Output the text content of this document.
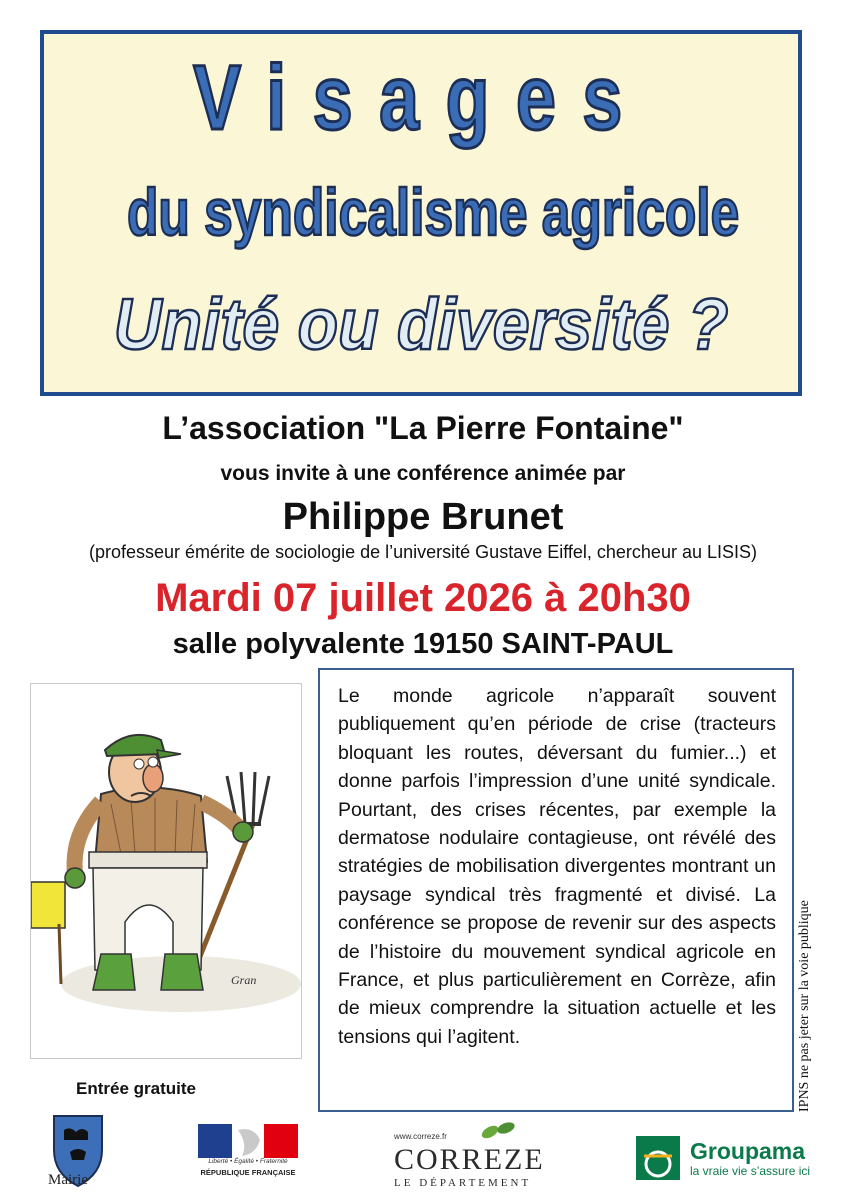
Visages
du syndicalisme agricole
Unité ou diversité ?
L’association "La Pierre Fontaine"
vous invite à une conférence animée par
Philippe Brunet
(professeur émérite de sociologie de l’université Gustave Eiffel, chercheur au LISIS)
Mardi 07 juillet 2026 à 20h30
salle polyvalente 19150 SAINT-PAUL
Gran

Le monde agricole n’apparaît souvent publiquement qu’en période de crise (tracteurs bloquant les routes, déversant du fumier...) et donne parfois l’impression d’une unité syndicale. Pourtant, des crises récentes, par exemple la dermatose nodulaire contagieuse, ont révélé des stratégies de mobilisation divergentes montrant un paysage syndical très fragmenté et divisé. La conférence se propose de revenir sur des aspects de l’histoire du mouvement syndical agricole en France, et plus particulièrement en Corrèze, afin de mieux comprendre la situation actuelle et les tensions qui l’agitent.

Entrée gratuite	IPNS ne pas jeter sur la voie publique
Mairie
Liberté • Égalité • Fraternité
RÉPUBLIQUE FRANÇAISE
www.correze.fr
CORREZE
LE DÉPARTEMENT
Groupama
la vraie vie s’assure ici
